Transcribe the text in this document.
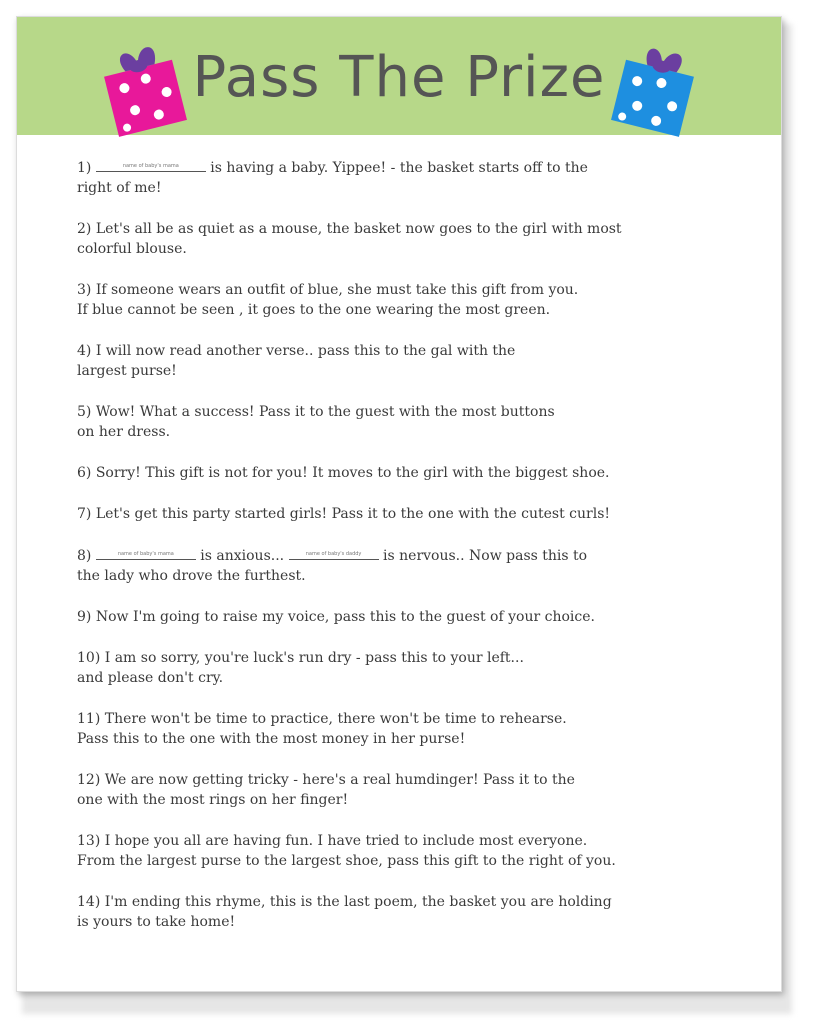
Pass The Prize

1)	name of baby's mama	is having a baby. Yippee! - the basket starts off to the
right of me!

2) Let's all be as quiet as a mouse, the basket now goes to the girl with most
colorful blouse.

3) If someone wears an outfit of blue, she must take this gift from you.
If blue cannot be seen , it goes to the one wearing the most green.

4) I will now read another verse.. pass this to the gal with the
largest purse!

5) Wow! What a success! Pass it to the guest with the most buttons
on her dress.

6) Sorry! This gift is not for you! It moves to the girl with the biggest shoe.

7) Let's get this party started girls! Pass it to the one with the cutest curls!

8)	name of baby's mama	is anxious...	name of baby's daddy	is nervous.. Now pass this to
the lady who drove the furthest.

9) Now I'm going to raise my voice, pass this to the guest of your choice.

10) I am so sorry, you're luck's run dry - pass this to your left...
and please don't cry.

11) There won't be time to practice, there won't be time to rehearse.
Pass this to the one with the most money in her purse!

12) We are now getting tricky - here's a real humdinger! Pass it to the
one with the most rings on her finger!

13) I hope you all are having fun. I have tried to include most everyone.
From the largest purse to the largest shoe, pass this gift to the right of you.

14) I'm ending this rhyme, this is the last poem, the basket you are holding
is yours to take home!
